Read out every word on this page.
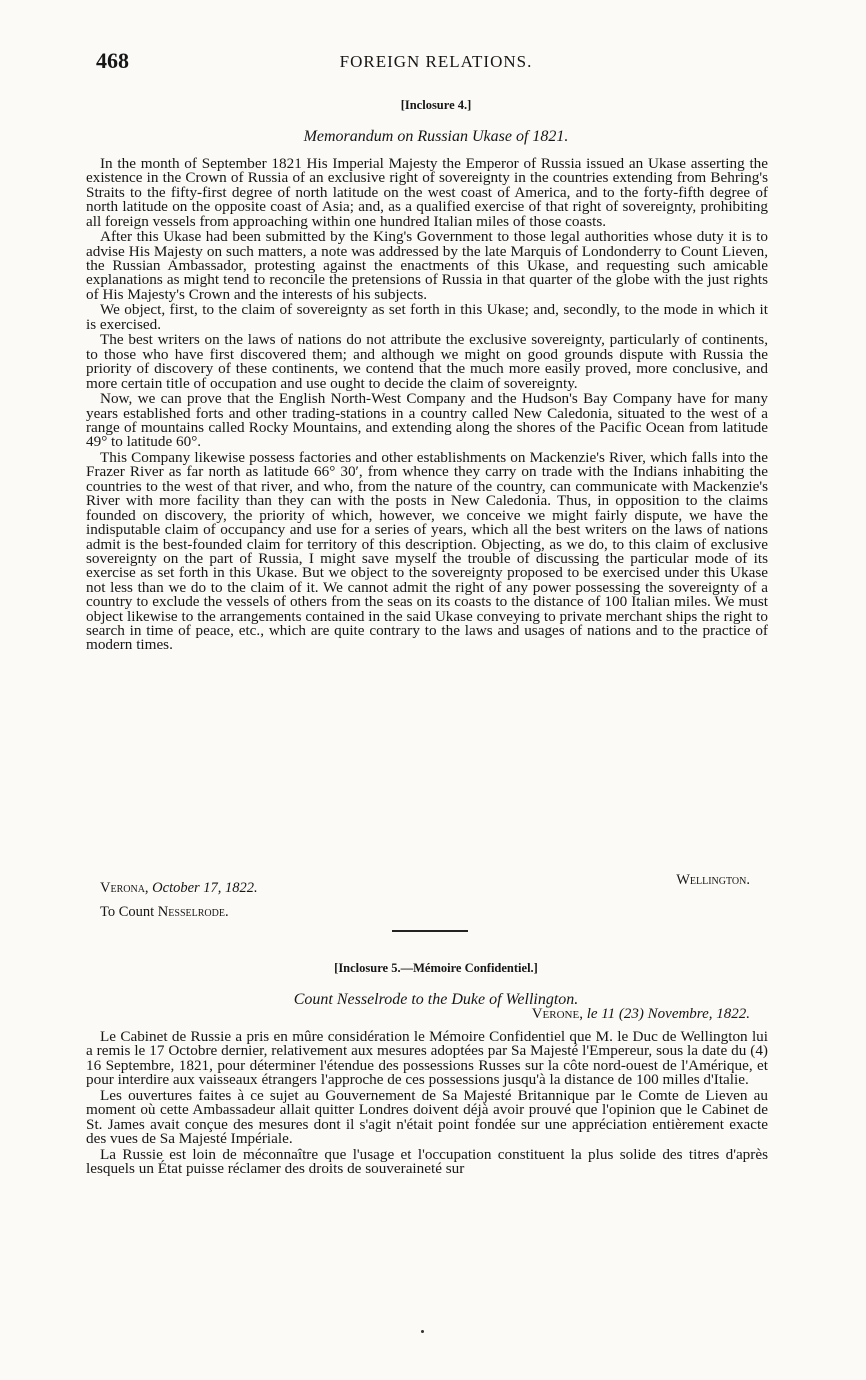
468	FOREIGN RELATIONS.
[Inclosure 4.]
Memorandum on Russian Ukase of 1821.

In the month of September 1821 His Imperial Majesty the Emperor of Russia issued an Ukase asserting the existence in the Crown of Russia of an exclusive right of sovereignty in the countries extending from Behring's Straits to the fifty-first degree of north latitude on the west coast of America, and to the forty-fifth degree of north latitude on the opposite coast of Asia; and, as a qualified exercise of that right of sovereignty, prohibiting all foreign vessels from approaching within one hundred Italian miles of those coasts.

After this Ukase had been submitted by the King's Government to those legal authorities whose duty it is to advise His Majesty on such matters, a note was addressed by the late Marquis of Londonderry to Count Lieven, the Russian Ambassador, protesting against the enactments of this Ukase, and requesting such amicable explanations as might tend to reconcile the pretensions of Russia in that quarter of the globe with the just rights of His Majesty's Crown and the interests of his subjects.

We object, first, to the claim of sovereignty as set forth in this Ukase; and, secondly, to the mode in which it is exercised.

The best writers on the laws of nations do not attribute the exclusive sovereignty, particularly of continents, to those who have first discovered them; and although we might on good grounds dispute with Russia the priority of discovery of these continents, we contend that the much more easily proved, more conclusive, and more certain title of occupation and use ought to decide the claim of sovereignty.

Now, we can prove that the English North-West Company and the Hudson's Bay Company have for many years established forts and other trading-stations in a country called New Caledonia, situated to the west of a range of mountains called Rocky Mountains, and extending along the shores of the Pacific Ocean from latitude 49° to latitude 60°.

This Company likewise possess factories and other establishments on Mackenzie's River, which falls into the Frazer River as far north as latitude 66° 30′, from whence they carry on trade with the Indians inhabiting the countries to the west of that river, and who, from the nature of the country, can communicate with Mackenzie's River with more facility than they can with the posts in New Caledonia. Thus, in opposition to the claims founded on discovery, the priority of which, however, we conceive we might fairly dispute, we have the indisputable claim of occupancy and use for a series of years, which all the best writers on the laws of nations admit is the best-founded claim for territory of this description. Objecting, as we do, to this claim of exclusive sovereignty on the part of Russia, I might save myself the trouble of discussing the particular mode of its exercise as set forth in this Ukase. But we object to the sovereignty proposed to be exercised under this Ukase not less than we do to the claim of it. We cannot admit the right of any power possessing the sovereignty of a country to exclude the vessels of others from the seas on its coasts to the distance of 100 Italian miles. We must object likewise to the arrangements contained in the said Ukase conveying to private merchant ships the right to search in time of peace, etc., which are quite contrary to the laws and usages of nations and to the practice of modern times.

Wellington.
Verona, October 17, 1822.
To Count Nesselrode.
[Inclosure 5.—Mémoire Confidentiel.]
Count Nesselrode to the Duke of Wellington.
Verone, le 11 (23) Novembre, 1822.

Le Cabinet de Russie a pris en mûre considération le Mémoire Confidentiel que M. le Duc de Wellington lui a remis le 17 Octobre dernier, relativement aux mesures adoptées par Sa Majesté l'Empereur, sous la date du (4) 16 Septembre, 1821, pour déterminer l'étendue des possessions Russes sur la côte nord-ouest de l'Amérique, et pour interdire aux vaisseaux étrangers l'approche de ces possessions jusqu'à la distance de 100 milles d'Italie.

Les ouvertures faites à ce sujet au Gouvernement de Sa Majesté Britannique par le Comte de Lieven au moment où cette Ambassadeur allait quitter Londres doivent déjà avoir prouvé que l'opinion que le Cabinet de St. James avait conçue des mesures dont il s'agit n'était point fondée sur une appréciation entièrement exacte des vues de Sa Majesté Impériale.

La Russie est loin de méconnaître que l'usage et l'occupation constituent la plus solide des titres d'après lesquels un État puisse réclamer des droits de souveraineté sur
